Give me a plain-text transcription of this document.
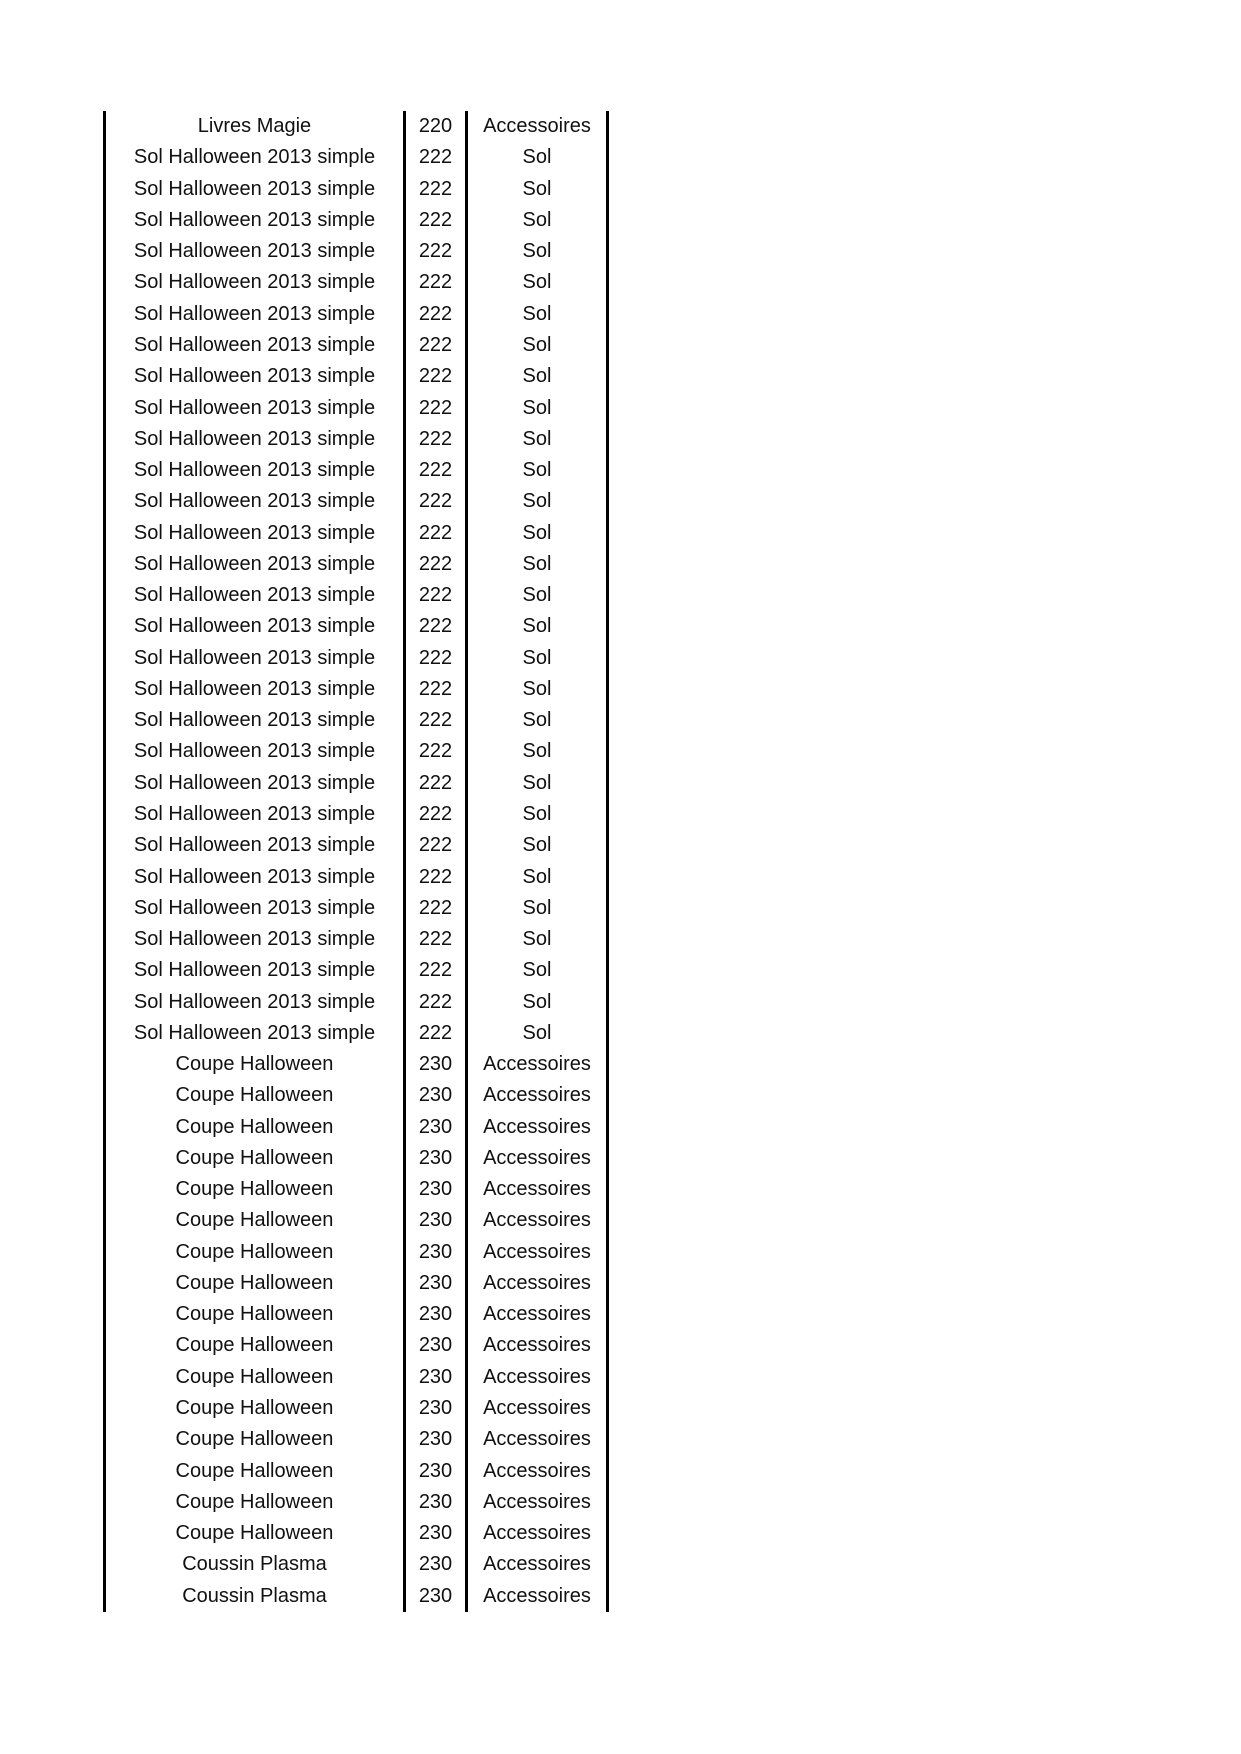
Livres Magie	220	Accessoires
Sol Halloween 2013 simple	222	Sol
Sol Halloween 2013 simple	222	Sol
Sol Halloween 2013 simple	222	Sol
Sol Halloween 2013 simple	222	Sol
Sol Halloween 2013 simple	222	Sol
Sol Halloween 2013 simple	222	Sol
Sol Halloween 2013 simple	222	Sol
Sol Halloween 2013 simple	222	Sol
Sol Halloween 2013 simple	222	Sol
Sol Halloween 2013 simple	222	Sol
Sol Halloween 2013 simple	222	Sol
Sol Halloween 2013 simple	222	Sol
Sol Halloween 2013 simple	222	Sol
Sol Halloween 2013 simple	222	Sol
Sol Halloween 2013 simple	222	Sol
Sol Halloween 2013 simple	222	Sol
Sol Halloween 2013 simple	222	Sol
Sol Halloween 2013 simple	222	Sol
Sol Halloween 2013 simple	222	Sol
Sol Halloween 2013 simple	222	Sol
Sol Halloween 2013 simple	222	Sol
Sol Halloween 2013 simple	222	Sol
Sol Halloween 2013 simple	222	Sol
Sol Halloween 2013 simple	222	Sol
Sol Halloween 2013 simple	222	Sol
Sol Halloween 2013 simple	222	Sol
Sol Halloween 2013 simple	222	Sol
Sol Halloween 2013 simple	222	Sol
Sol Halloween 2013 simple	222	Sol
Coupe Halloween	230	Accessoires
Coupe Halloween	230	Accessoires
Coupe Halloween	230	Accessoires
Coupe Halloween	230	Accessoires
Coupe Halloween	230	Accessoires
Coupe Halloween	230	Accessoires
Coupe Halloween	230	Accessoires
Coupe Halloween	230	Accessoires
Coupe Halloween	230	Accessoires
Coupe Halloween	230	Accessoires
Coupe Halloween	230	Accessoires
Coupe Halloween	230	Accessoires
Coupe Halloween	230	Accessoires
Coupe Halloween	230	Accessoires
Coupe Halloween	230	Accessoires
Coupe Halloween	230	Accessoires
Coussin Plasma	230	Accessoires
Coussin Plasma	230	Accessoires
